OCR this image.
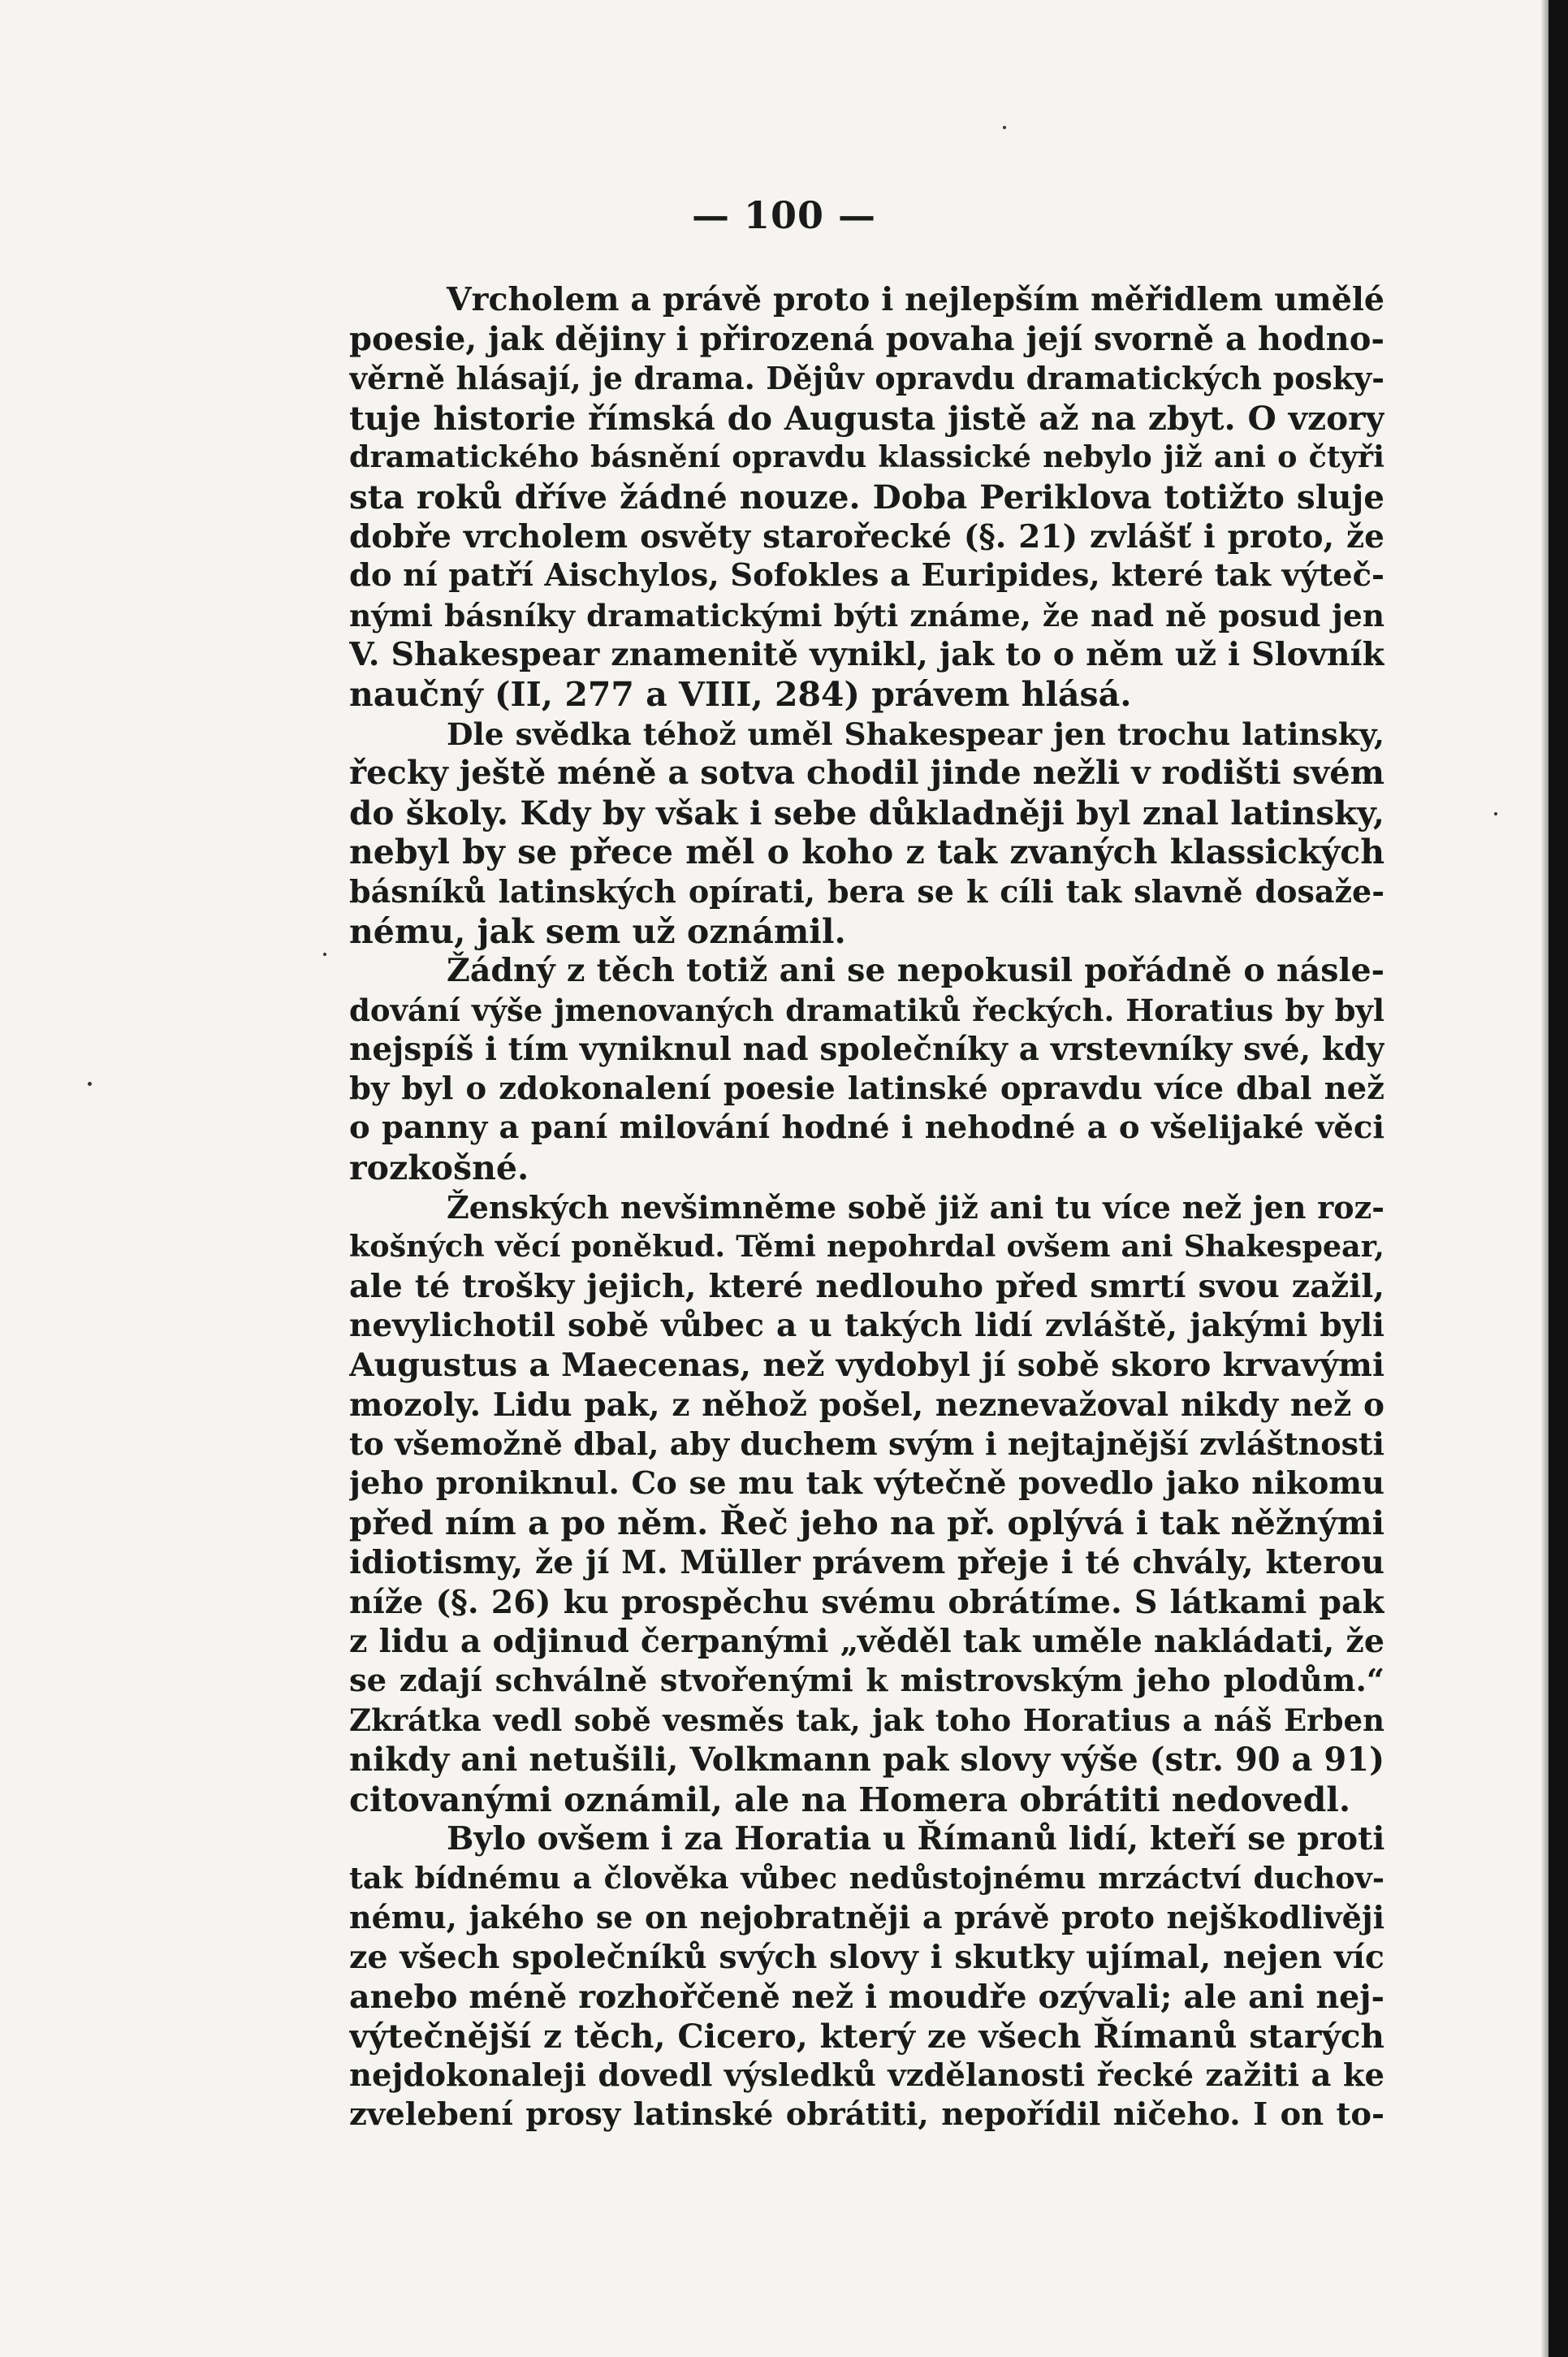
— 100 —
Vrcholem a právě proto i nejlepším měřidlem umělé
poesie, jak dějiny i přirozená povaha její svorně a hodno-
věrně hlásají, je drama. Dějův opravdu dramatických posky-
tuje historie římská do Augusta jistě až na zbyt. O vzory
dramatického básnění opravdu klassické nebylo již ani o čtyři
sta roků dříve žádné nouze. Doba Periklova totižto sluje
dobře vrcholem osvěty starořecké (§. 21) zvlášť i proto, že
do ní patří Aischylos, Sofokles a Euripides, které tak výteč-
nými básníky dramatickými býti známe, že nad ně posud jen
V. Shakespear znamenitě vynikl, jak to o něm už i Slovník
naučný (II, 277 a VIII, 284) právem hlásá.
Dle svědka téhož uměl Shakespear jen trochu latinsky,
řecky ještě méně a sotva chodil jinde nežli v rodišti svém
do školy. Kdy by však i sebe důkladněji byl znal latinsky,
nebyl by se přece měl o koho z tak zvaných klassických
básníků latinských opírati, bera se k cíli tak slavně dosaže-
nému, jak sem už oznámil.
Žádný z těch totiž ani se nepokusil pořádně o násle-
dování výše jmenovaných dramatiků řeckých. Horatius by byl
nejspíš i tím vyniknul nad společníky a vrstevníky své, kdy
by byl o zdokonalení poesie latinské opravdu více dbal než
o panny a paní milování hodné i nehodné a o všelijaké věci
rozkošné.
Ženských nevšimněme sobě již ani tu více než jen roz-
košných věcí poněkud. Těmi nepohrdal ovšem ani Shakespear,
ale té trošky jejich, které nedlouho před smrtí svou zažil,
nevylichotil sobě vůbec a u takých lidí zvláště, jakými byli
Augustus a Maecenas, než vydobyl jí sobě skoro krvavými
mozoly. Lidu pak, z něhož pošel, neznevažoval nikdy než o
to všemožně dbal, aby duchem svým i nejtajnější zvláštnosti
jeho proniknul. Co se mu tak výtečně povedlo jako nikomu
před ním a po něm. Řeč jeho na př. oplývá i tak něžnými
idiotismy, že jí M. Müller právem přeje i té chvály, kterou
níže (§. 26) ku prospěchu svému obrátíme. S látkami pak
z lidu a odjinud čerpanými „věděl tak uměle nakládati, že
se zdají schválně stvořenými k mistrovským jeho plodům.“
Zkrátka vedl sobě vesměs tak, jak toho Horatius a náš Erben
nikdy ani netušili, Volkmann pak slovy výše (str. 90 a 91)
citovanými oznámil, ale na Homera obrátiti nedovedl.
Bylo ovšem i za Horatia u Římanů lidí, kteří se proti
tak bídnému a člověka vůbec nedůstojnému mrzáctví duchov-
nému, jakého se on nejobratněji a právě proto nejškodlivěji
ze všech společníků svých slovy i skutky ujímal, nejen víc
anebo méně rozhořčeně než i moudře ozývali; ale ani nej-
výtečnější z těch, Cicero, který ze všech Římanů starých
nejdokonaleji dovedl výsledků vzdělanosti řecké zažiti a ke
zvelebení prosy latinské obrátiti, nepořídil ničeho. I on to-
